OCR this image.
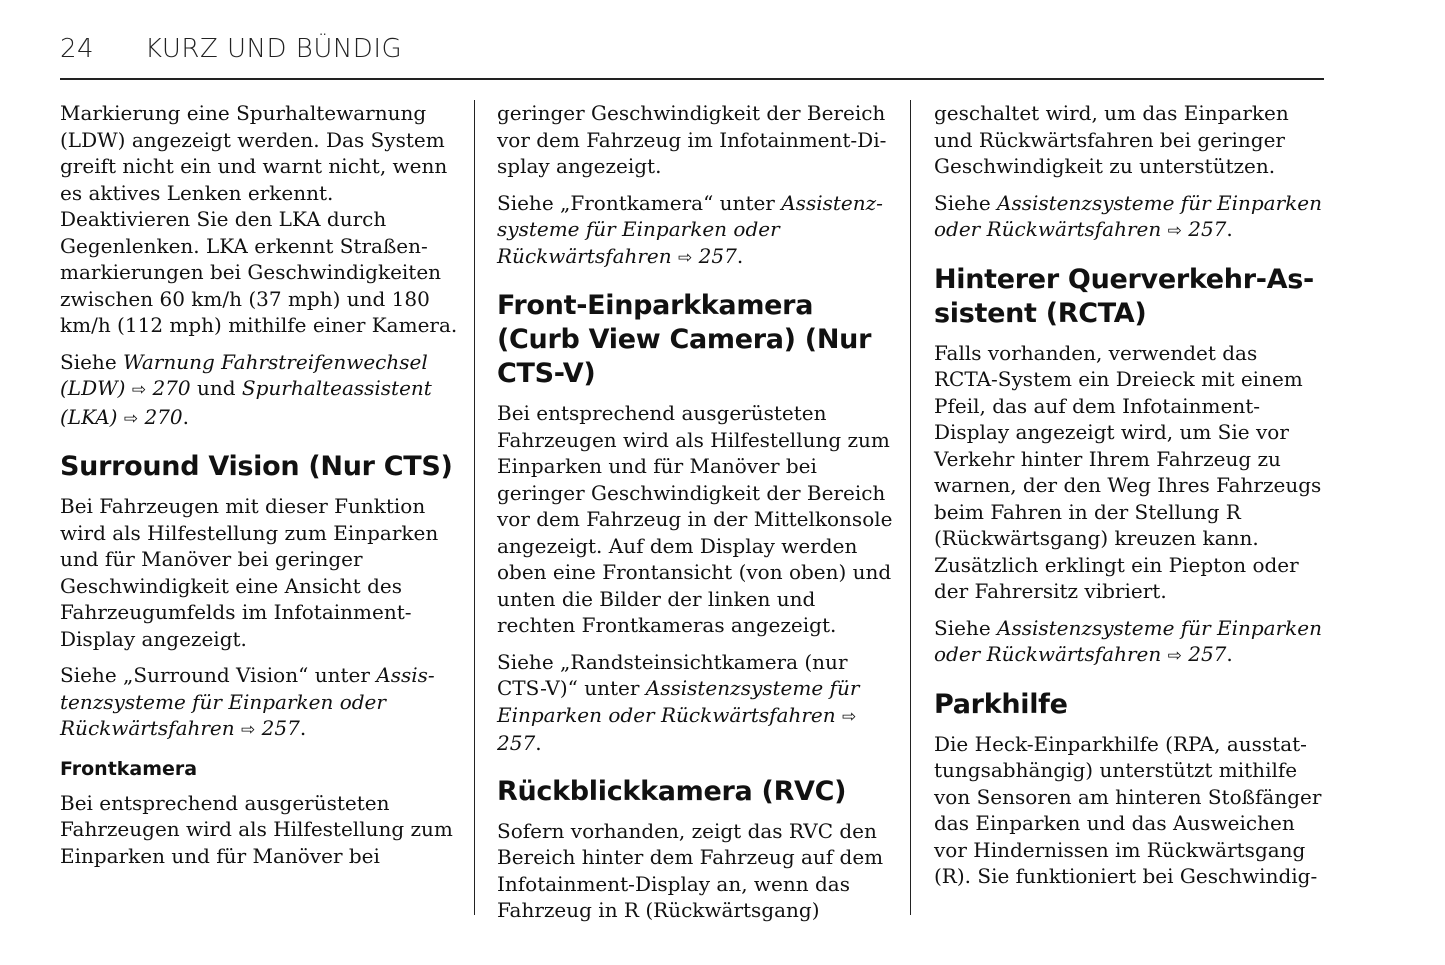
24 KURZ UND BÜNDIG

Markierung eine Spurhaltewarnung (LDW) angezeigt werden. Das System greift nicht ein und warnt nicht, wenn es aktives Lenken erkennt. Deaktivieren Sie den LKA durch Gegenlenken. LKA erkennt Straßenmarkierungen bei Geschwindigkeiten zwischen 60 km/h (37 mph) und 180 km/h (112 mph) mithilfe einer Kamera.

Siehe Warnung Fahrstreifenwechsel (LDW) ⇨ 270 und Spurhalteassistent (LKA) ⇨ 270.

Surround Vision (Nur CTS)

Bei Fahrzeugen mit dieser Funktion wird als Hilfestellung zum Einparken und für Manöver bei geringer Geschwindigkeit eine Ansicht des Fahrzeugumfelds im Infotainment-Display angezeigt.

Siehe „Surround Vision“ unter Assistenzsysteme für Einparken oder Rückwärtsfahren ⇨ 257.

Frontkamera

Bei entsprechend ausgerüsteten Fahrzeugen wird als Hilfestellung zum Einparken und für Manöver bei

geringer Geschwindigkeit der Bereich vor dem Fahrzeug im Infotainment-Display angezeigt.

Siehe „Frontkamera“ unter Assistenzsysteme für Einparken oder Rückwärtsfahren ⇨ 257.

Front-Einparkkamera (Curb View Camera) (Nur CTS-V)

Bei entsprechend ausgerüsteten Fahrzeugen wird als Hilfestellung zum Einparken und für Manöver bei geringer Geschwindigkeit der Bereich vor dem Fahrzeug in der Mittelkonsole angezeigt. Auf dem Display werden oben eine Frontansicht (von oben) und unten die Bilder der linken und rechten Frontkameras angezeigt.

Siehe „Randsteinsichtkamera (nur CTS-V)“ unter Assistenzsysteme für Einparken oder Rückwärtsfahren ⇨ 257.

Rückblickkamera (RVC)

Sofern vorhanden, zeigt das RVC den Bereich hinter dem Fahrzeug auf dem Infotainment-Display an, wenn das Fahrzeug in R (Rückwärtsgang)

geschaltet wird, um das Einparken und Rückwärtsfahren bei geringer Geschwindigkeit zu unterstützen.

Siehe Assistenzsysteme für Einparken oder Rückwärtsfahren ⇨ 257.

Hinterer Querverkehr-Assistent (RCTA)

Falls vorhanden, verwendet das RCTA-System ein Dreieck mit einem Pfeil, das auf dem Infotainment-Display angezeigt wird, um Sie vor Verkehr hinter Ihrem Fahrzeug zu warnen, der den Weg Ihres Fahrzeugs beim Fahren in der Stellung R (Rückwärtsgang) kreuzen kann. Zusätzlich erklingt ein Piepton oder der Fahrersitz vibriert.

Siehe Assistenzsysteme für Einparken oder Rückwärtsfahren ⇨ 257.

Parkhilfe

Die Heck-Einparkhilfe (RPA, ausstattungsabhängig) unterstützt mithilfe von Sensoren am hinteren Stoßfänger das Einparken und das Ausweichen vor Hindernissen im Rückwärtsgang (R). Sie funktioniert bei Geschwindig-
